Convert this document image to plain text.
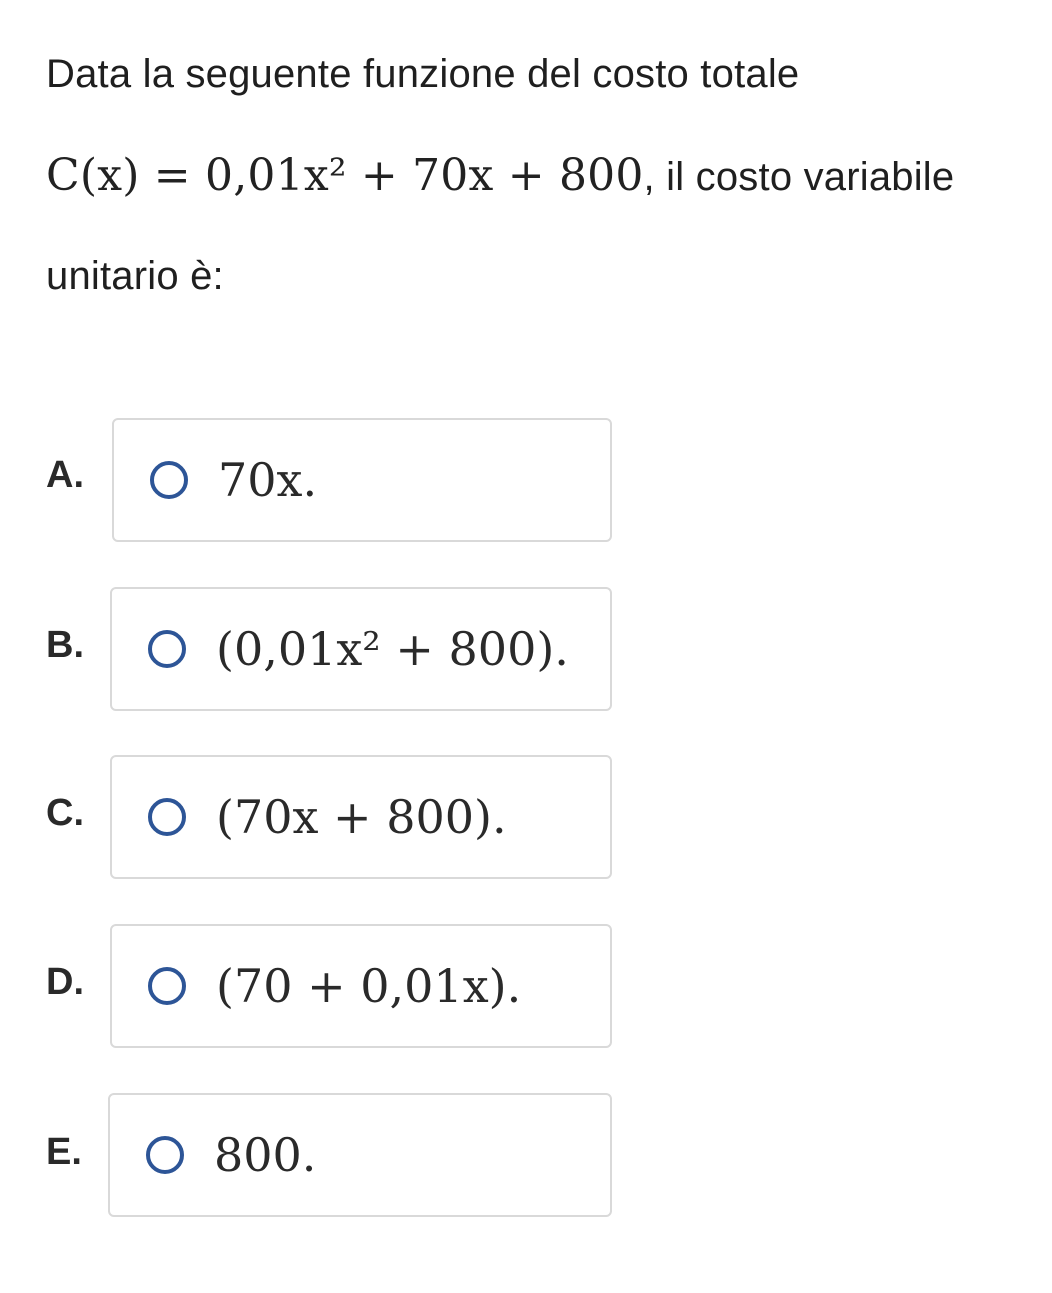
Data la seguente funzione del costo totale
C(x) = 0,01x² + 70x + 800 , il costo variabile
unitario è:
A.	70x.
B.	(0,01x² + 800).
C.	(70x + 800).
D.	(70 + 0,01x).
E.	800.
